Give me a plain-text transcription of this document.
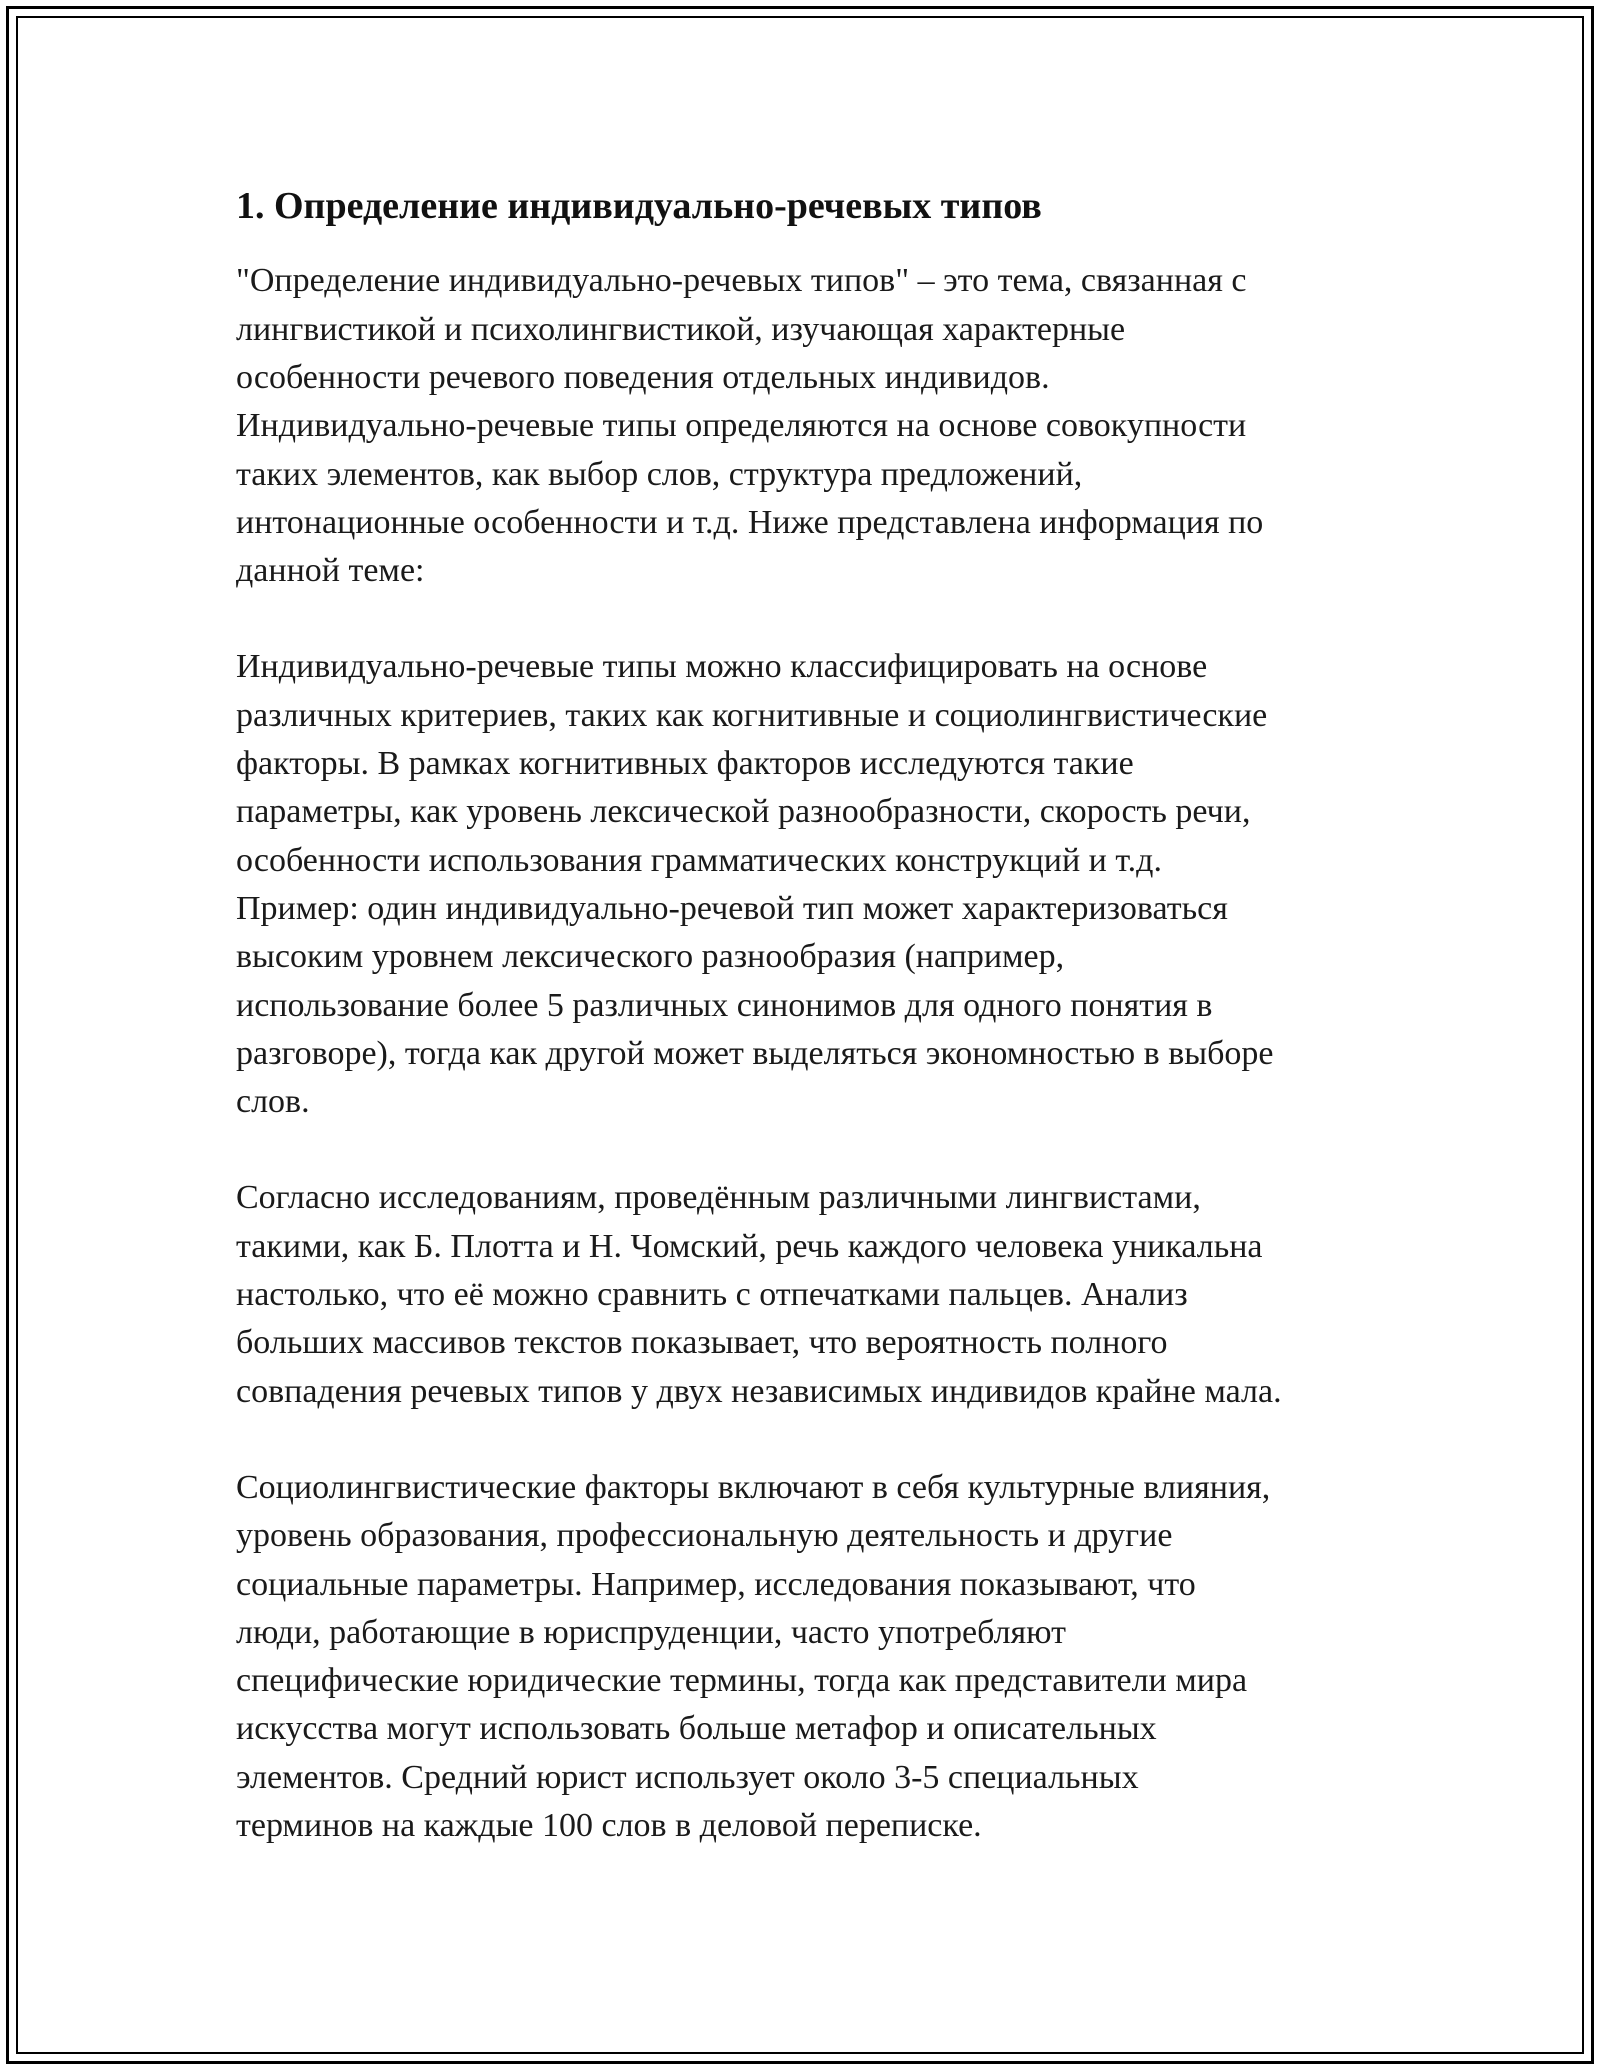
1. Определение индивидуально-речевых типов

"Определение индивидуально-речевых типов" – это тема, связанная с
лингвистикой и психолингвистикой, изучающая характерные
особенности речевого поведения отдельных индивидов.
Индивидуально-речевые типы определяются на основе совокупности
таких элементов, как выбор слов, структура предложений,
интонационные особенности и т.д. Ниже представлена информация по
данной теме:

Индивидуально-речевые типы можно классифицировать на основе
различных критериев, таких как когнитивные и социолингвистические
факторы. В рамках когнитивных факторов исследуются такие
параметры, как уровень лексической разнообразности, скорость речи,
особенности использования грамматических конструкций и т.д.
Пример: один индивидуально-речевой тип может характеризоваться
высоким уровнем лексического разнообразия (например,
использование более 5 различных синонимов для одного понятия в
разговоре), тогда как другой может выделяться экономностью в выборе
слов.

Согласно исследованиям, проведённым различными лингвистами,
такими, как Б. Плотта и Н. Чомский, речь каждого человека уникальна
настолько, что её можно сравнить с отпечатками пальцев. Анализ
больших массивов текстов показывает, что вероятность полного
совпадения речевых типов у двух независимых индивидов крайне мала.

Социолингвистические факторы включают в себя культурные влияния,
уровень образования, профессиональную деятельность и другие
социальные параметры. Например, исследования показывают, что
люди, работающие в юриспруденции, часто употребляют
специфические юридические термины, тогда как представители мира
искусства могут использовать больше метафор и описательных
элементов. Средний юрист использует около 3-5 специальных
терминов на каждые 100 слов в деловой переписке.
